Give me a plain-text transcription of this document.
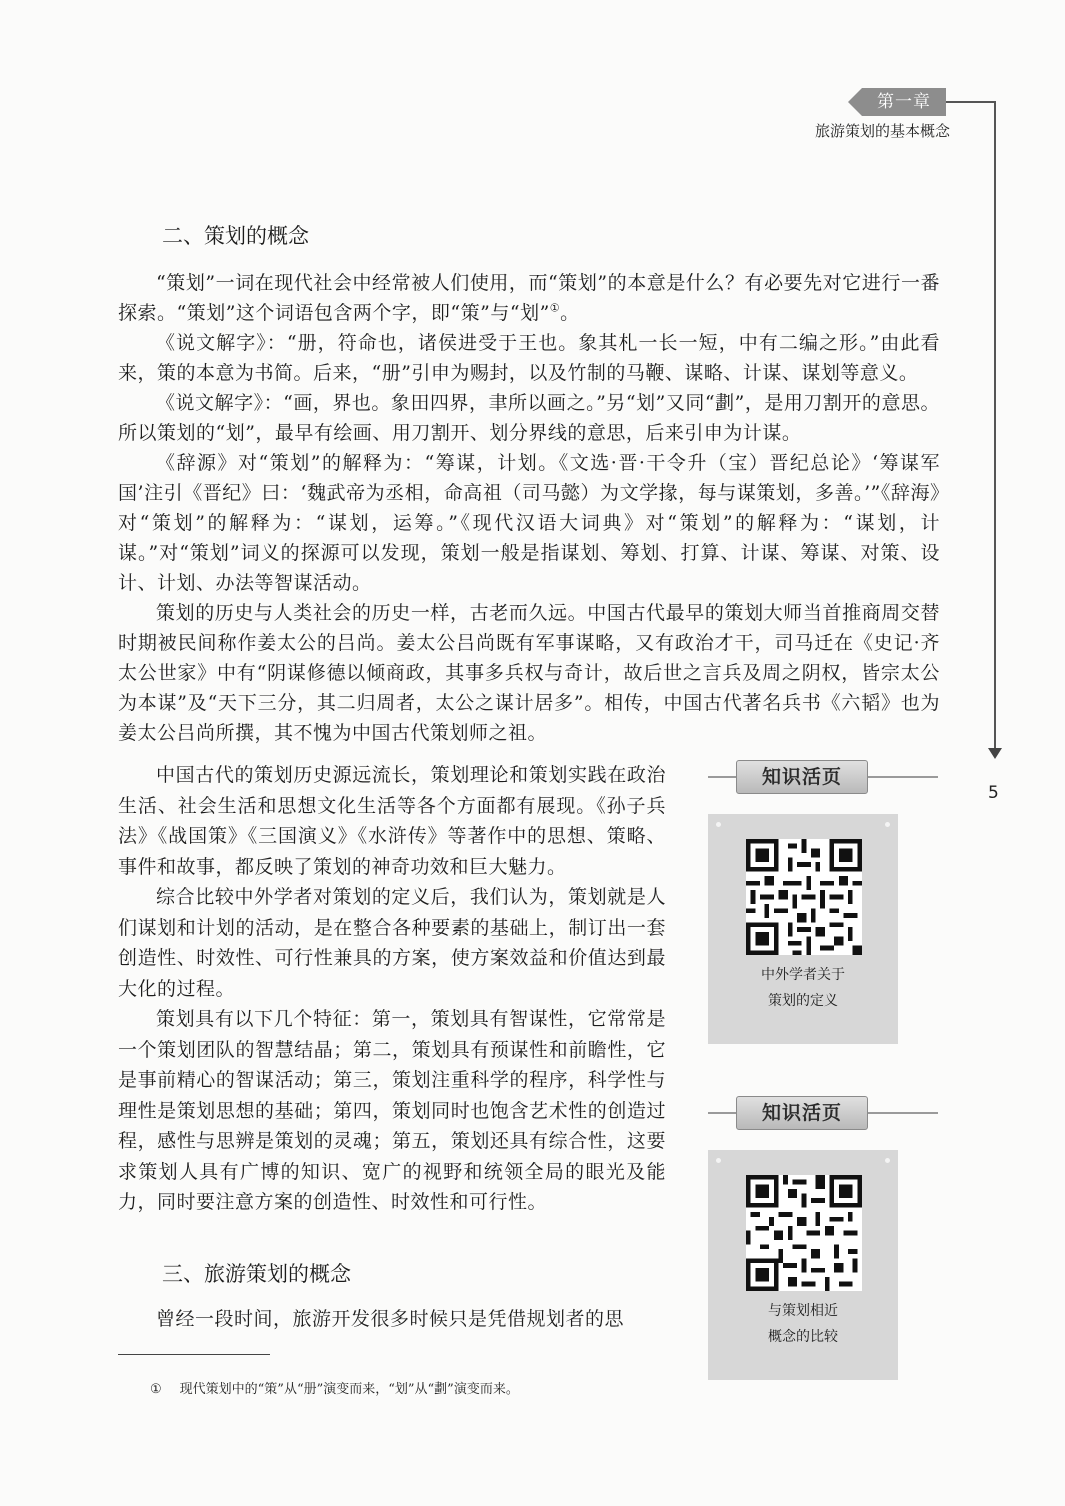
第一章
旅游策划的基本概念
5
二、策划的概念

“策划”一词在现代社会中经常被人们使用，而“策划”的本意是什么？有必要先对它进行一番探索。“策划”这个词语包含两个字，即“策”与“划”①。

《说文解字》：“册，符命也，诸侯进受于王也。象其札一长一短，中有二编之形。”由此看来，策的本意为书简。后来，“册”引申为赐封，以及竹制的马鞭、谋略、计谋、谋划等意义。

《说文解字》：“画，界也。象田四界，聿所以画之。”另“划”又同“劃”，是用刀割开的意思。所以策划的“划”，最早有绘画、用刀割开、划分界线的意思，后来引申为计谋。

《辞源》对“策划”的解释为：“筹谋，计划。《文选·晋·干令升（宝）晋纪总论》‘筹谋军国’注引《晋纪》曰：‘魏武帝为丞相，命高祖（司马懿）为文学掾，每与谋策划，多善。’”《辞海》对“策划”的解释为：“谋划，运筹。”《现代汉语大词典》对“策划”的解释为：“谋划，计谋。”对“策划”词义的探源可以发现，策划一般是指谋划、筹划、打算、计谋、筹谋、对策、设计、计划、办法等智谋活动。

策划的历史与人类社会的历史一样，古老而久远。中国古代最早的策划大师当首推商周交替时期被民间称作姜太公的吕尚。姜太公吕尚既有军事谋略，又有政治才干，司马迁在《史记·齐太公世家》中有“阴谋修德以倾商政，其事多兵权与奇计，故后世之言兵及周之阴权，皆宗太公为本谋”及“天下三分，其二归周者，太公之谋计居多”。相传，中国古代著名兵书《六韬》也为姜太公吕尚所撰，其不愧为中国古代策划师之祖。

中国古代的策划历史源远流长，策划理论和策划实践在政治生活、社会生活和思想文化生活等各个方面都有展现。《孙子兵法》《战国策》《三国演义》《水浒传》等著作中的思想、策略、事件和故事，都反映了策划的神奇功效和巨大魅力。

综合比较中外学者对策划的定义后，我们认为，策划就是人们谋划和计划的活动，是在整合各种要素的基础上，制订出一套创造性、时效性、可行性兼具的方案，使方案效益和价值达到最大化的过程。

策划具有以下几个特征：第一，策划具有智谋性，它常常是一个策划团队的智慧结晶；第二，策划具有预谋性和前瞻性，它是事前精心的智谋活动；第三，策划注重科学的程序，科学性与理性是策划思想的基础；第四，策划同时也饱含艺术性的创造过程，感性与思辨是策划的灵魂；第五，策划还具有综合性，这要求策划人具有广博的知识、宽广的视野和统领全局的眼光及能力，同时要注意方案的创造性、时效性和可行性。

三、旅游策划的概念

曾经一段时间，旅游开发很多时候只是凭借规划者的思

① 现代策划中的“策”从“册”演变而来，“划”从“劃”演变而来。
知识活页
中外学者关于
策划的定义
知识活页
与策划相近
概念的比较
